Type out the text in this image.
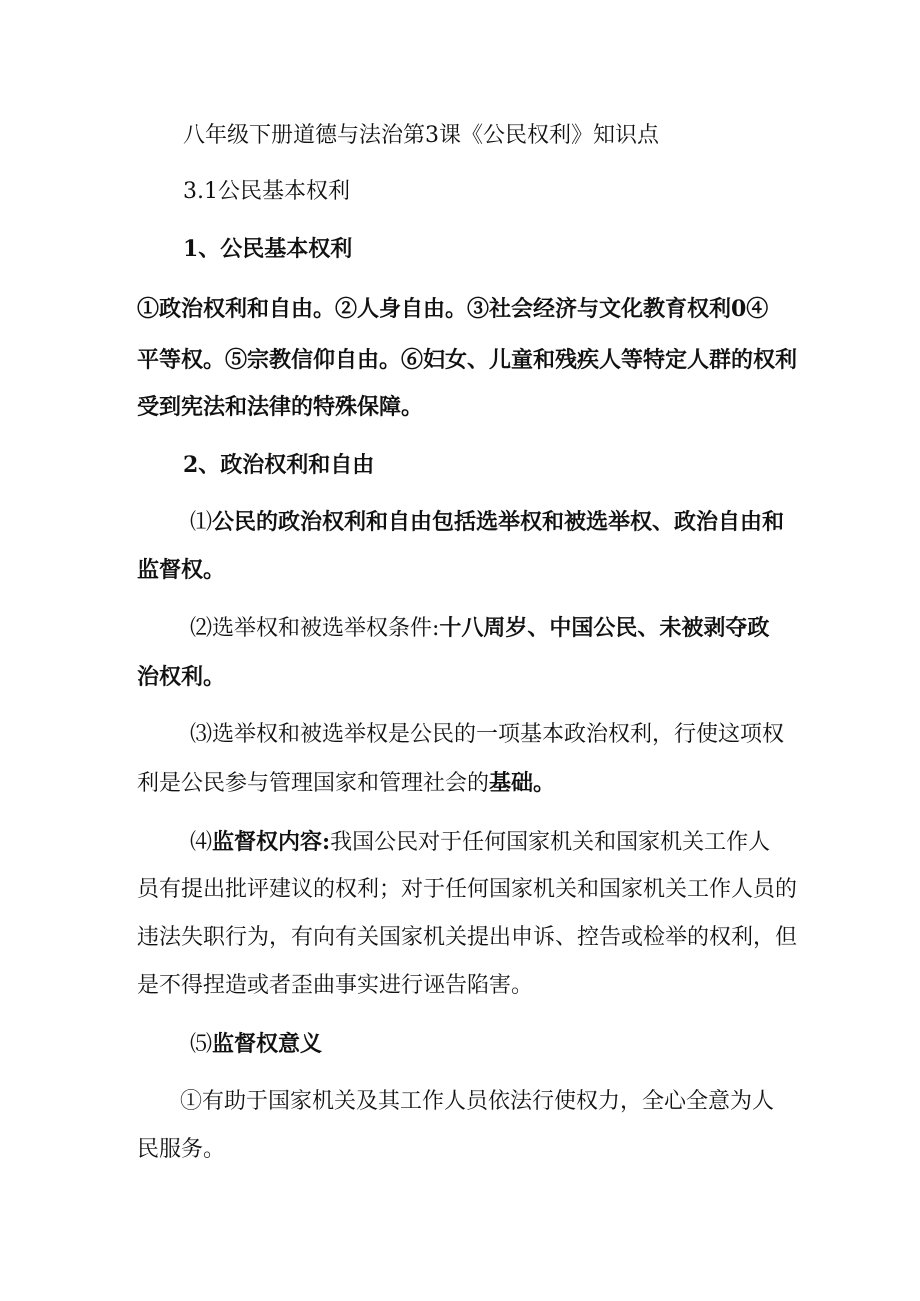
八年级下册道德与法治第3课《公民权利》知识点
3.1公民基本权利
1、公民基本权利
①政治权利和自由。②人身自由。③社会经济与文化教育权利0④
平等权。⑤宗教信仰自由。⑥妇女、儿童和残疾人等特定人群的权利
受到宪法和法律的特殊保障。
2、政治权利和自由
⑴公民的政治权利和自由包括选举权和被选举权、政治自由和
监督权。
⑵选举权和被选举权条件:十八周岁、中国公民、未被剥夺政
治权利。
⑶选举权和被选举权是公民的一项基本政治权利，行使这项权
利是公民参与管理国家和管理社会的基础。
⑷监督权内容:我国公民对于任何国家机关和国家机关工作人
员有提出批评建议的权利；对于任何国家机关和国家机关工作人员的
违法失职行为，有向有关国家机关提出申诉、控告或检举的权利，但
是不得捏造或者歪曲事实进行诬告陷害。
⑸监督权意义
①有助于国家机关及其工作人员依法行使权力，全心全意为人
民服务。
